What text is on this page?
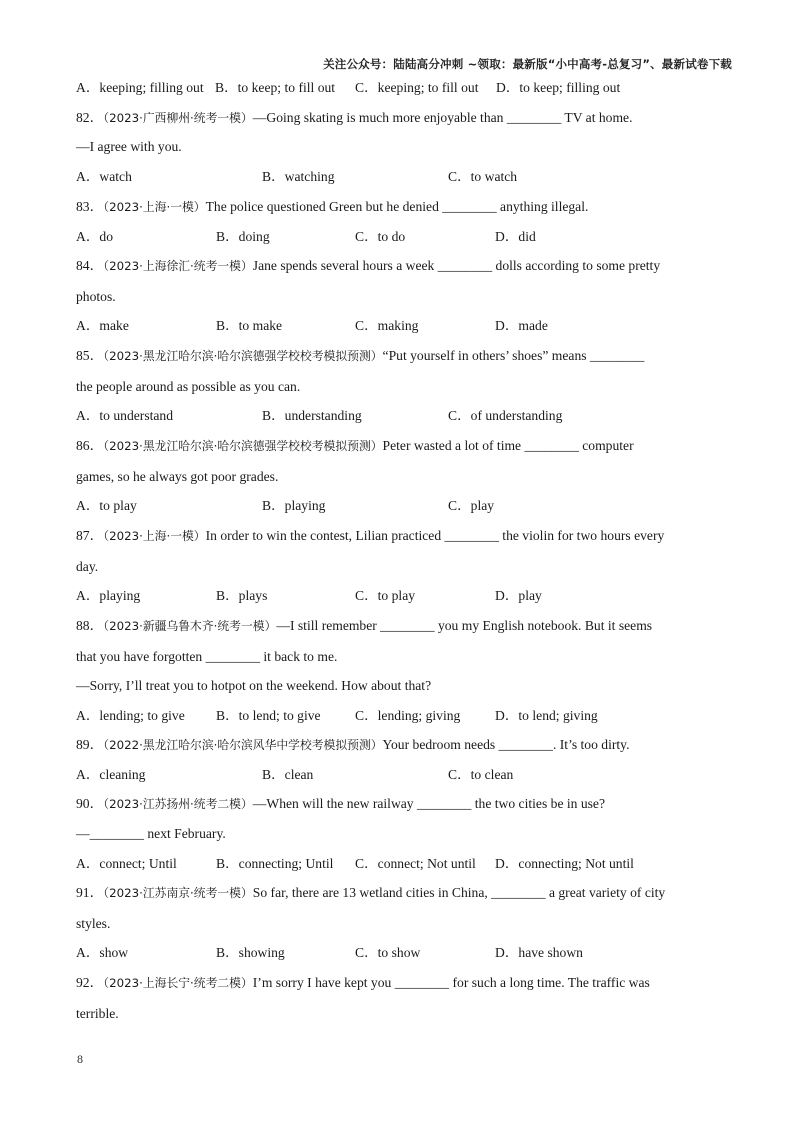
关注公众号：陆陆高分冲刺 ~领取：最新版“小中高考-总复习”、最新试卷下载
A．keeping; filling out B．to keep; to fill out C．keeping; to fill out D．to keep; filling out
82．（2023·广西柳州·统考一模）—Going skating is much more enjoyable than ________ TV at home.
—I agree with you.
A．watch	B．watching	C．to watch
83．（2023·上海·一模）The police questioned Green but he denied ________ anything illegal.
A．do	B．doing	C．to do	D．did
84．（2023·上海徐汇·统考一模）Jane spends several hours a week ________ dolls according to some pretty
photos.
A．make	B．to make	C．making	D．made
85．（2023·黑龙江哈尔滨·哈尔滨德强学校校考模拟预测）“Put yourself in others’ shoes” means ________
the people around as possible as you can.
A．to understand	B．understanding	C．of understanding
86．（2023·黑龙江哈尔滨·哈尔滨德强学校校考模拟预测）Peter wasted a lot of time ________ computer
games, so he always got poor grades.
A．to play	B．playing	C．play
87．（2023·上海·一模）In order to win the contest, Lilian practiced ________ the violin for two hours every
day.
A．playing	B．plays	C．to play	D．play
88．（2023·新疆乌鲁木齐·统考一模）—I still remember ________ you my English notebook. But it seems
that you have forgotten ________ it back to me.
—Sorry, I’ll treat you to hotpot on the weekend. How about that?
A．lending; to give B．to lend; to give	C．lending; giving	D．to lend; giving
89．（2022·黑龙江哈尔滨·哈尔滨风华中学校考模拟预测）Your bedroom needs ________. It’s too dirty.
A．cleaning	B．clean	C．to clean
90．（2023·江苏扬州·统考二模）—When will the new railway ________ the two cities be in use?
—________ next February.
A．connect; Until	B．connecting; Until C．connect; Not until D．connecting; Not until
91．（2023·江苏南京·统考一模）So far, there are 13 wetland cities in China, ________ a great variety of city
styles.
A．show	B．showing	C．to show	D．have shown
92．（2023·上海长宁·统考二模）I’m sorry I have kept you ________ for such a long time. The traffic was
terrible.
8
